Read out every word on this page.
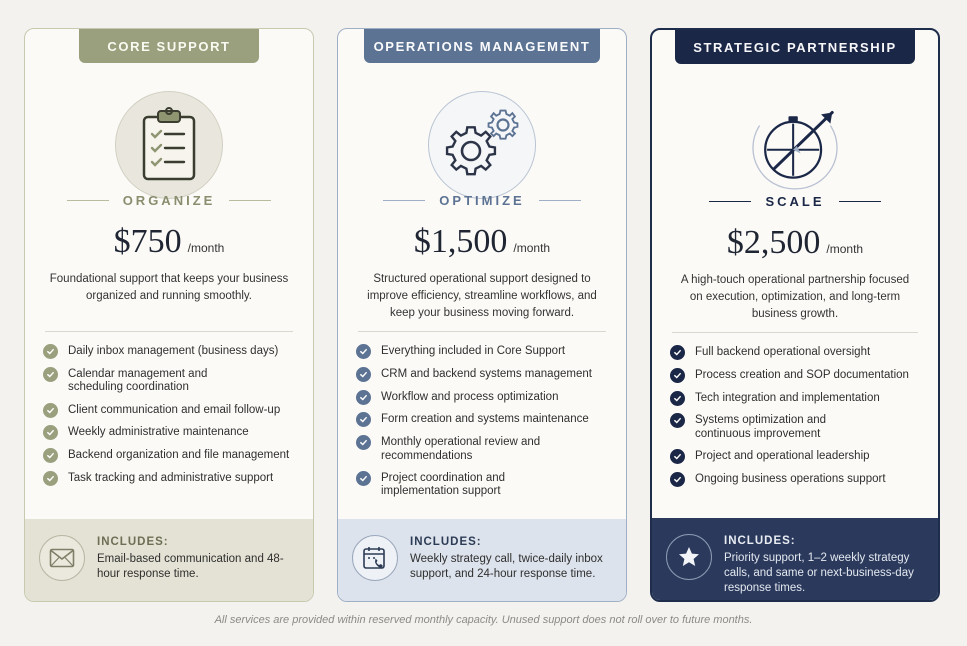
CORE SUPPORT
ORGANIZE
$750 /month
Foundational support that keeps your business organized and running smoothly.
Daily inbox management (business days)
Calendar management and scheduling coordination
Client communication and email follow-up
Weekly administrative maintenance
Backend organization and file management
Task tracking and administrative support
INCLUDES:
Email-based communication and 48-hour response time.
OPERATIONS MANAGEMENT
OPTIMIZE
$1,500 /month
Structured operational support designed to improve efficiency, streamline workflows, and keep your business moving forward.
Everything included in Core Support
CRM and backend systems management
Workflow and process optimization
Form creation and systems maintenance
Monthly operational review and recommendations
Project coordination and implementation support
INCLUDES:
Weekly strategy call, twice-daily inbox support, and 24-hour response time.
STRATEGIC PARTNERSHIP
SCALE
$2,500 /month
A high-touch operational partnership focused on execution, optimization, and long-term business growth.
Full backend operational oversight
Process creation and SOP documentation
Tech integration and implementation
Systems optimization and continuous improvement
Project and operational leadership
Ongoing business operations support
INCLUDES:
Priority support, 1–2 weekly strategy calls, and same or next-business-day response times.
All services are provided within reserved monthly capacity. Unused support does not roll over to future months.
